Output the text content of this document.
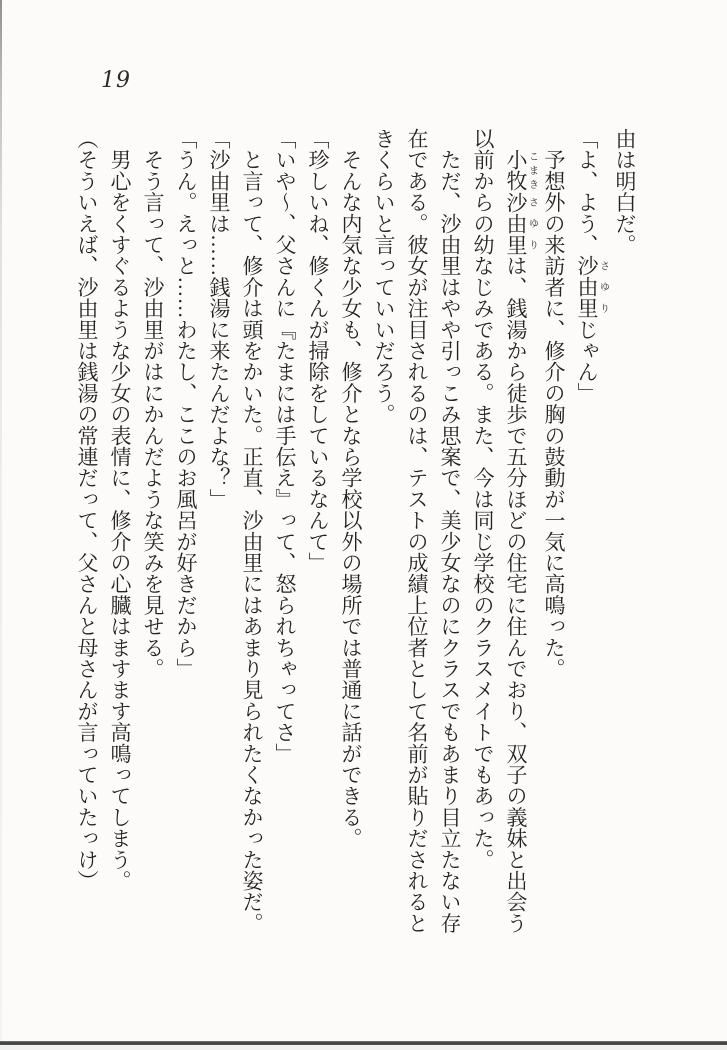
19

由は明白だ。

「よ、よう、沙由里さゆりじゃん」

　予想外の来訪者に、修介の胸の鼓動が一気に高鳴った。

　小牧こまき沙由里さゆりは、銭湯から徒歩で五分ほどの住宅に住んでおり、双子の義妹と出会う

以前からの幼なじみである。また、今は同じ学校のクラスメイトでもあった。

　ただ、沙由里はやや引っこみ思案で、美少女なのにクラスでもあまり目立たない存

在である。彼女が注目されるのは、テストの成績上位者として名前が貼りだされると

きくらいと言っていいだろう。

　そんな内気な少女も、修介となら学校以外の場所では普通に話ができる。

「珍しいね、修くんが掃除をしているなんて」

「いや～、父さんに『たまには手伝え』って、怒られちゃってさ」

　と言って、修介は頭をかいた。正直、沙由里にはあまり見られたくなかった姿だ。

「沙由里は……銭湯に来たんだよな？」

「うん。えっと……わたし、ここのお風呂が好きだから」

　そう言って、沙由里がはにかんだような笑みを見せる。

　男心をくすぐるような少女の表情に、修介の心臓はますます高鳴ってしまう。

（そういえば、沙由里は銭湯の常連だって、父さんと母さんが言っていたっけ）
